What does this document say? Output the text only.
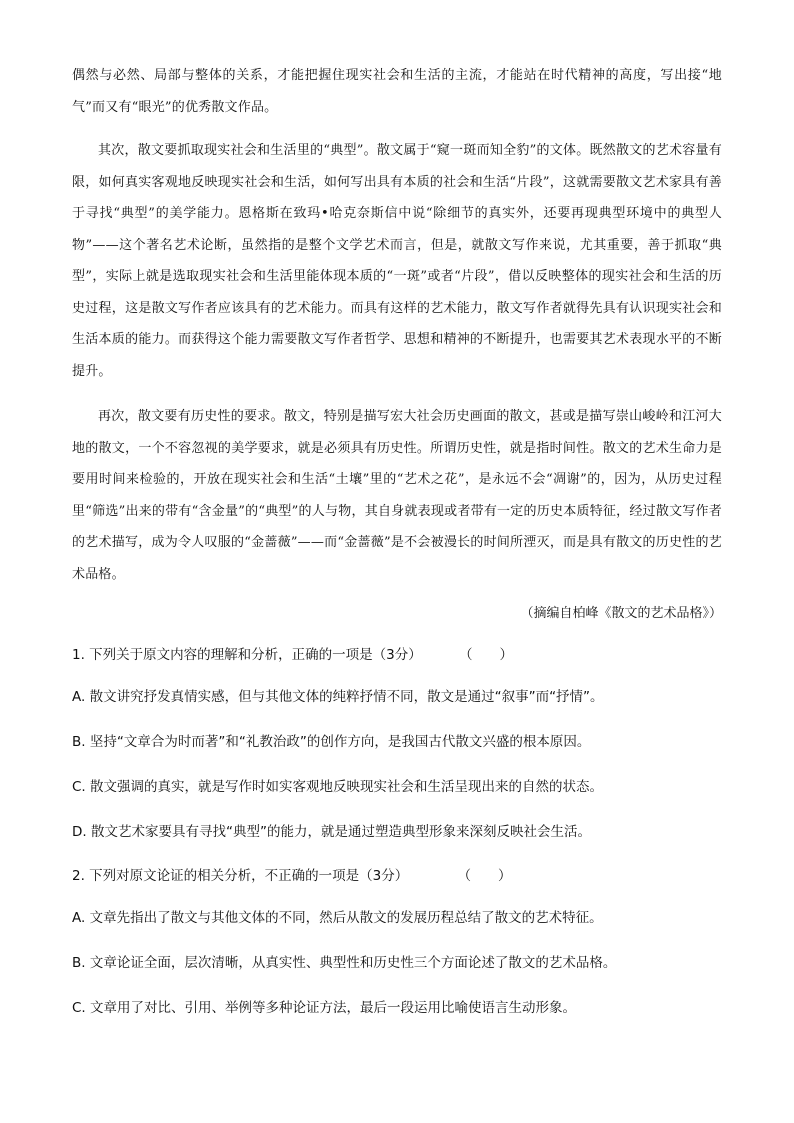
偶然与必然、局部与整体的关系，才能把握住现实社会和生活的主流，才能站在时代精神的高度，写出接“地气”而又有“眼光”的优秀散文作品。

其次，散文要抓取现实社会和生活里的“典型”。散文属于“窥一斑而知全豹”的文体。既然散文的艺术容量有限，如何真实客观地反映现实社会和生活，如何写出具有本质的社会和生活“片段”，这就需要散文艺术家具有善于寻找“典型”的美学能力。恩格斯在致玛•哈克奈斯信中说“除细节的真实外，还要再现典型环境中的典型人物”——这个著名艺术论断，虽然指的是整个文学艺术而言，但是，就散文写作来说，尤其重要，善于抓取“典型”，实际上就是选取现实社会和生活里能体现本质的“一斑”或者“片段”，借以反映整体的现实社会和生活的历史过程，这是散文写作者应该具有的艺术能力。而具有这样的艺术能力，散文写作者就得先具有认识现实社会和生活本质的能力。而获得这个能力需要散文写作者哲学、思想和精神的不断提升，也需要其艺术表现水平的不断提升。

再次，散文要有历史性的要求。散文，特别是描写宏大社会历史画面的散文，甚或是描写崇山峻岭和江河大地的散文，一个不容忽视的美学要求，就是必须具有历史性。所谓历史性，就是指时间性。散文的艺术生命力是要用时间来检验的，开放在现实社会和生活“土壤”里的“艺术之花”，是永远不会“凋谢”的，因为，从历史过程里“筛选”出来的带有“含金量”的“典型”的人与物，其自身就表现或者带有一定的历史本质特征，经过散文写作者的艺术描写，成为令人叹服的“金蔷薇”——而“金蔷薇”是不会被漫长的时间所湮灭，而是具有散文的历史性的艺术品格。

（摘编自柏峰《散文的艺术品格》）

1. 下列关于原文内容的理解和分析，正确的一项是（3分）	（　　）

A. 散文讲究抒发真情实感，但与其他文体的纯粹抒情不同，散文是通过“叙事”而“抒情”。

B. 坚持“文章合为时而著”和“礼教治政”的创作方向，是我国古代散文兴盛的根本原因。

C. 散文强调的真实，就是写作时如实客观地反映现实社会和生活呈现出来的自然的状态。

D. 散文艺术家要具有寻找“典型”的能力，就是通过塑造典型形象来深刻反映社会生活。

2. 下列对原文论证的相关分析，不正确的一项是（3分）	（　　）

A. 文章先指出了散文与其他文体的不同，然后从散文的发展历程总结了散文的艺术特征。

B. 文章论证全面，层次清晰，从真实性、典型性和历史性三个方面论述了散文的艺术品格。

C. 文章用了对比、引用、举例等多种论证方法，最后一段运用比喻使语言生动形象。
